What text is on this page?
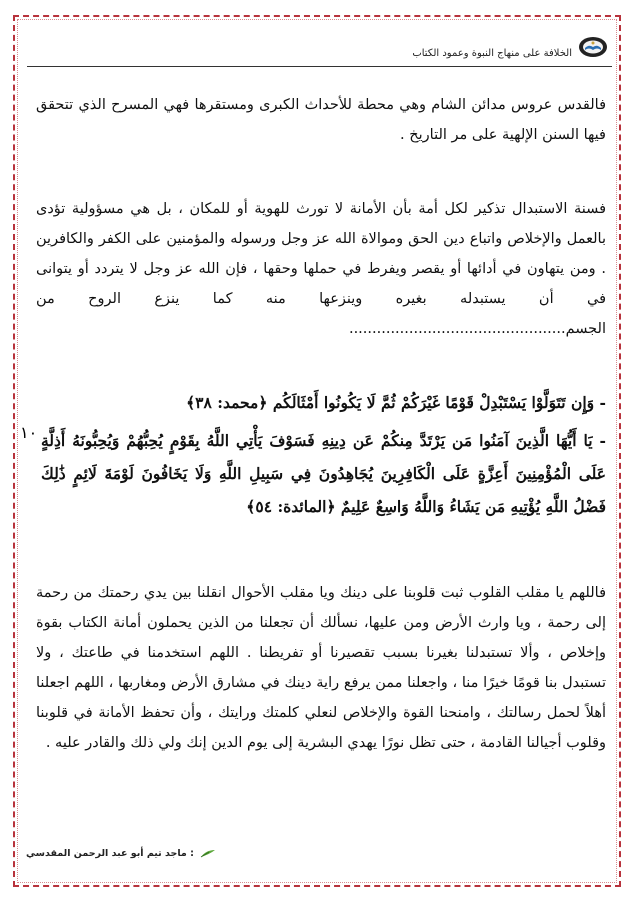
الخلافة على منهاج النبوة وعمود الكتاب
فالقدس عروس مدائن الشام وهي محطة للأحداث الكبرى ومستقرها فهي المسرح الذي تتحقق فيها السنن الإلهية على مر التاريخ .
فسنة الاستبدال تذكير لكل أمة بأن الأمانة لا تورث للهوية أو للمكان ، بل هي مسؤولية تؤدى بالعمل والإخلاص واتباع دين الحق وموالاة الله عز وجل ورسوله والمؤمنين على الكفر والكافرين . ومن يتهاون في أدائها أو يقصر ويفرط في حملها وحقها ، فإن الله عز وجل لا يتردد أو يتوانى في أن يستبدله بغيره وينزعها منه كما ينزع الروح من الجسم...............................................
- وَإِن تَتَوَلَّوْا يَسْتَبْدِلْ قَوْمًا غَيْرَكُمْ ثُمَّ لَا يَكُونُوا أَمْثَالَكُم ﴿محمد: ٣٨﴾
- يَا أَيُّهَا الَّذِينَ آمَنُوا مَن يَرْتَدَّ مِنكُمْ عَن دِينِهِ فَسَوْفَ يَأْتِي اللَّهُ بِقَوْمٍ يُحِبُّهُمْ وَيُحِبُّونَهُ أَذِلَّةٍ عَلَى الْمُؤْمِنِينَ أَعِزَّةٍ عَلَى الْكَافِرِينَ يُجَاهِدُونَ فِي سَبِيلِ اللَّهِ وَلَا يَخَافُونَ لَوْمَةَ لَائِمٍ ذَٰلِكَ فَضْلُ اللَّهِ يُؤْتِيهِ مَن يَشَاءُ وَاللَّهُ وَاسِعٌ عَلِيمٌ ﴿المائدة: ٥٤﴾
١٠
فاللهم يا مقلب القلوب ثبت قلوبنا على دينك ويا مقلب الأحوال انقلنا بين يدي رحمتك من رحمة إلى رحمة ، ويا وارث الأرض ومن عليها، نسألك أن تجعلنا من الذين يحملون أمانة الكتاب بقوة وإخلاص ، وألا تستبدلنا بغيرنا بسبب تقصيرنا أو تفريطنا . اللهم استخدمنا في طاعتك ، ولا تستبدل بنا قومًا خيرًا منا ، واجعلنا ممن يرفع راية دينك في مشارق الأرض ومغاربها ، اللهم اجعلنا أهلاً لحمل رسالتك ، وامنحنا القوة والإخلاص لنعلي كلمتك ورايتك ، وأن تحفظ الأمانة في قلوبنا وقلوب أجيالنا القادمة ، حتى تظل نورًا يهدي البشرية إلى يوم الدين إنك ولي ذلك والقادر عليه .
: ماجد تيم أبو عبد الرحمن المقدسي
